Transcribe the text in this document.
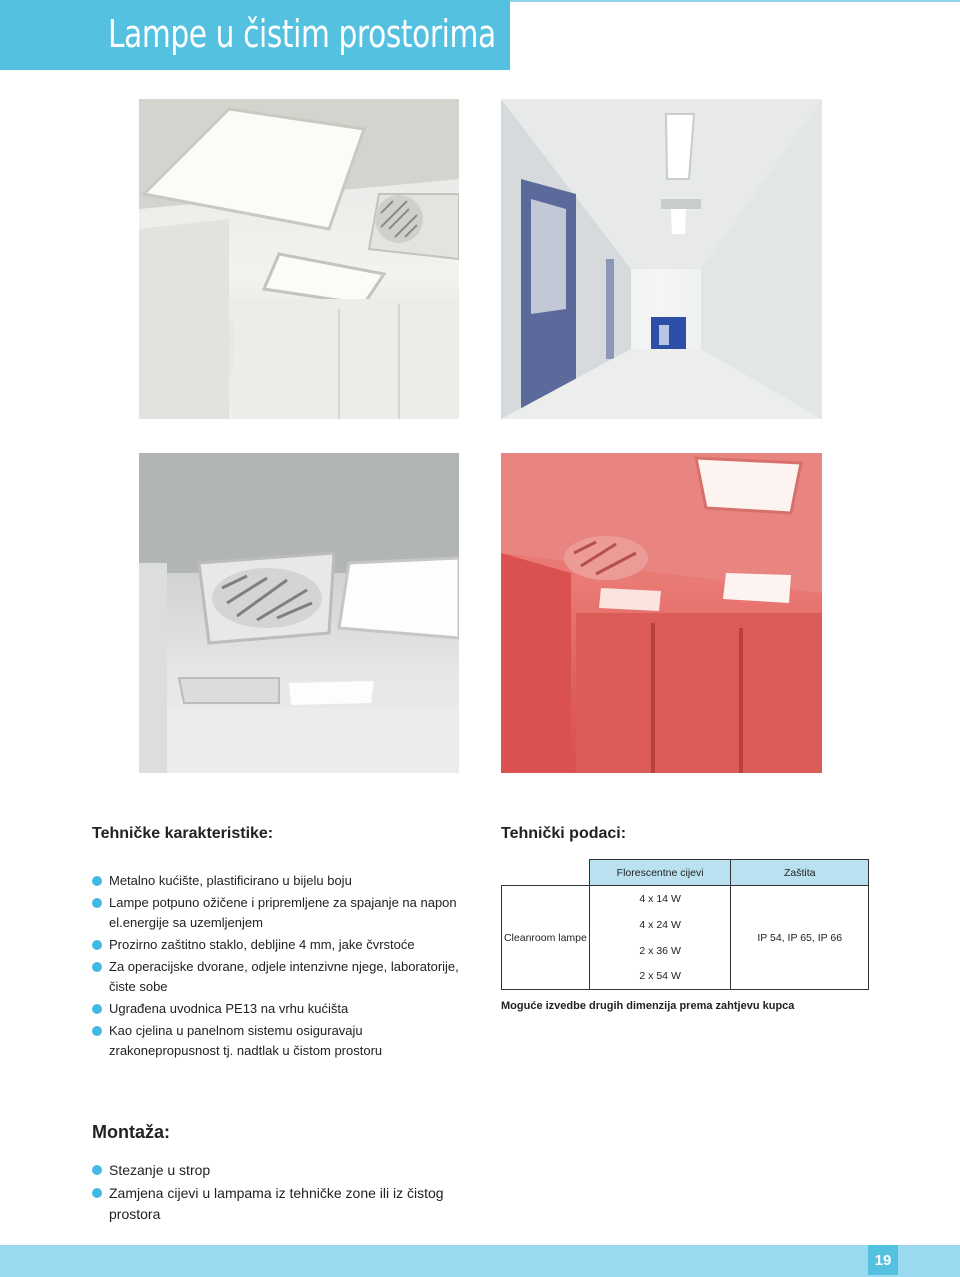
Lampe u čistim prostorima
Tehničke karakteristike:
Metalno kućište, plastificirano u bijelu boju
Lampe potpuno ožičene i pripremljene za spajanje na napon el.energije sa uzemljenjem
Prozirno zaštitno staklo, debljine 4 mm, jake čvrstoće
Za operacijske dvorane, odjele intenzivne njege, laboratorije, čiste sobe
Ugrađena uvodnica PE13 na vrhu kućišta
Kao cjelina u panelnom sistemu osiguravaju zrakonepropusnost tj. nadtlak u čistom prostoru
Tehnički podaci:
	Florescentne cijevi	Zaštita
Cleanroom lampe	4 x 14 W	IP 54, IP 65, IP 66
	4 x 24 W	
	2 x 36 W	
	2 x 54 W	
Moguće izvedbe drugih dimenzija prema zahtjevu kupca
Montaža:
Stezanje u strop
Zamjena cijevi u lampama iz tehničke zone ili iz čistog prostora
19
